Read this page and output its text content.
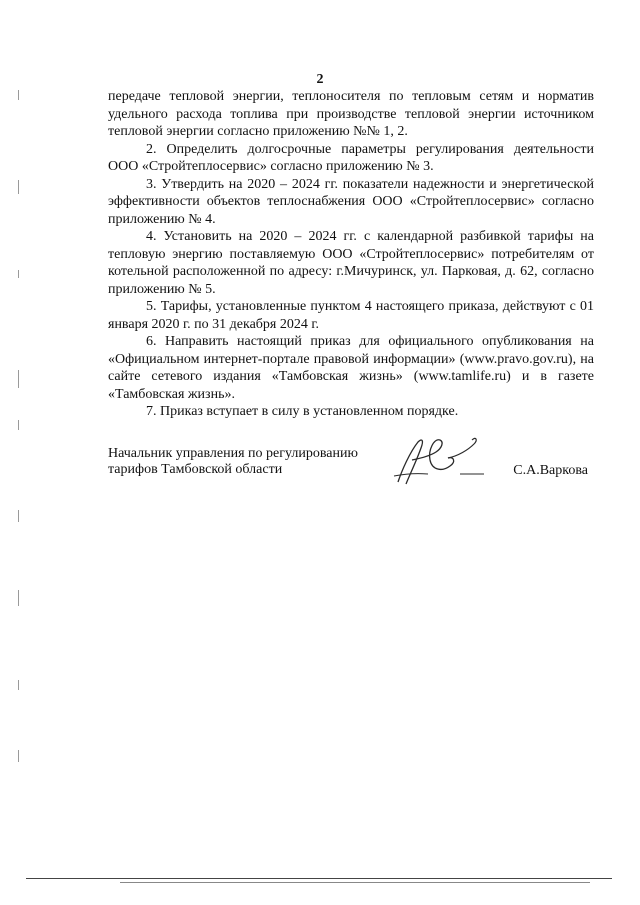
2

передаче тепловой энергии, теплоносителя по тепловым сетям и норматив удельного расхода топлива при производстве тепловой энергии источником тепловой энергии согласно приложению №№ 1, 2.

2. Определить долгосрочные параметры регулирования деятельности ООО «Стройтеплосервис» согласно приложению № 3.

3. Утвердить на 2020 – 2024 гг. показатели надежности и энергетической эффективности объектов теплоснабжения ООО «Стройтеплосервис» согласно приложению № 4.

4. Установить на 2020 – 2024 гг. с календарной разбивкой тарифы на тепловую энергию поставляемую ООО «Стройтеплосервис» потребителям от котельной расположенной по адресу: г.Мичуринск, ул. Парковая, д. 62, согласно приложению № 5.

5. Тарифы, установленные пунктом 4 настоящего приказа, действуют с 01 января 2020 г. по 31 декабря 2024 г.

6. Направить настоящий приказ для официального опубликования на «Официальном интернет-портале правовой информации» (www.pravo.gov.ru), на сайте сетевого издания «Тамбовская жизнь» (www.tamlife.ru) и в газете «Тамбовская жизнь».

7. Приказ вступает в силу в установленном порядке.

Начальник управления по регулированию
тарифов Тамбовской области	С.А.Варкова
